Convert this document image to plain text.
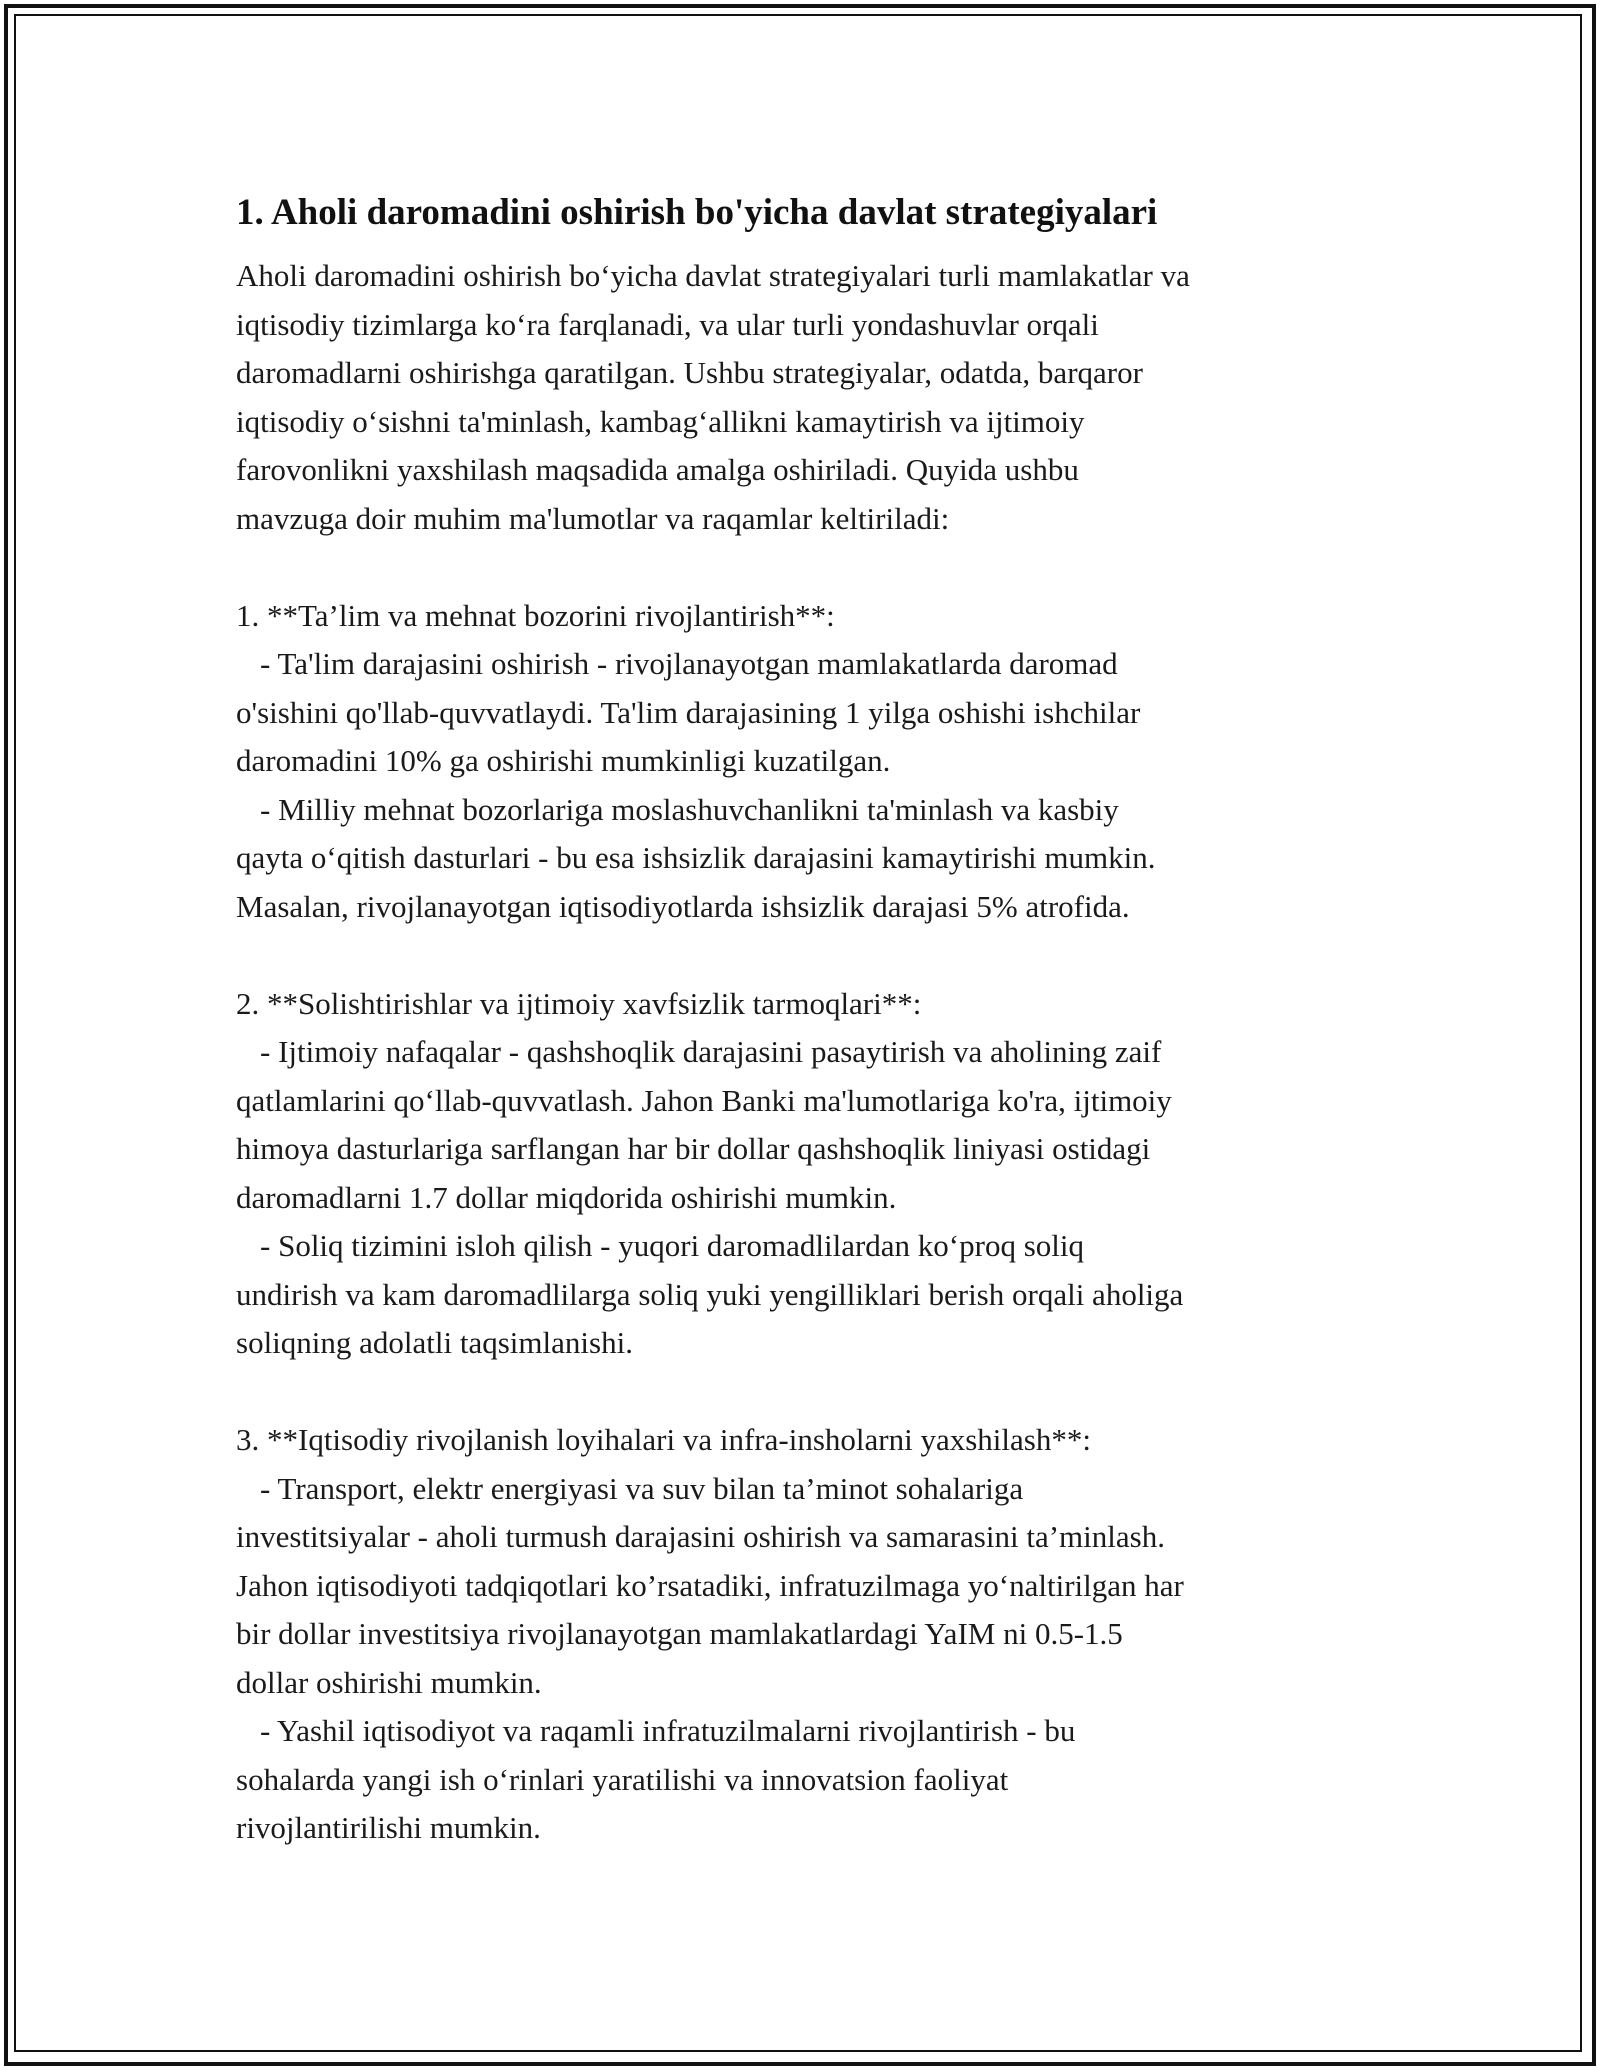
1. Aholi daromadini oshirish bo'yicha davlat strategiyalari
Aholi daromadini oshirish bo‘yicha davlat strategiyalari turli mamlakatlar va
iqtisodiy tizimlarga ko‘ra farqlanadi, va ular turli yondashuvlar orqali
daromadlarni oshirishga qaratilgan. Ushbu strategiyalar, odatda, barqaror
iqtisodiy o‘sishni ta'minlash, kambag‘allikni kamaytirish va ijtimoiy
farovonlikni yaxshilash maqsadida amalga oshiriladi. Quyida ushbu
mavzuga doir muhim ma'lumotlar va raqamlar keltiriladi:
1. **Ta’lim va mehnat bozorini rivojlantirish**:
- Ta'lim darajasini oshirish - rivojlanayotgan mamlakatlarda daromad
o'sishini qo'llab-quvvatlaydi. Ta'lim darajasining 1 yilga oshishi ishchilar
daromadini 10% ga oshirishi mumkinligi kuzatilgan.
- Milliy mehnat bozorlariga moslashuvchanlikni ta'minlash va kasbiy
qayta o‘qitish dasturlari - bu esa ishsizlik darajasini kamaytirishi mumkin.
Masalan, rivojlanayotgan iqtisodiyotlarda ishsizlik darajasi 5% atrofida.
2. **Solishtirishlar va ijtimoiy xavfsizlik tarmoqlari**:
- Ijtimoiy nafaqalar - qashshoqlik darajasini pasaytirish va aholining zaif
qatlamlarini qo‘llab-quvvatlash. Jahon Banki ma'lumotlariga ko'ra, ijtimoiy
himoya dasturlariga sarflangan har bir dollar qashshoqlik liniyasi ostidagi
daromadlarni 1.7 dollar miqdorida oshirishi mumkin.
- Soliq tizimini isloh qilish - yuqori daromadlilardan ko‘proq soliq
undirish va kam daromadlilarga soliq yuki yengilliklari berish orqali aholiga
soliqning adolatli taqsimlanishi.
3. **Iqtisodiy rivojlanish loyihalari va infra-insholarni yaxshilash**:
- Transport, elektr energiyasi va suv bilan ta’minot sohalariga
investitsiyalar - aholi turmush darajasini oshirish va samarasini ta’minlash.
Jahon iqtisodiyoti tadqiqotlari ko’rsatadiki, infratuzilmaga yo‘naltirilgan har
bir dollar investitsiya rivojlanayotgan mamlakatlardagi YaIM ni 0.5-1.5
dollar oshirishi mumkin.
- Yashil iqtisodiyot va raqamli infratuzilmalarni rivojlantirish - bu
sohalarda yangi ish o‘rinlari yaratilishi va innovatsion faoliyat
rivojlantirilishi mumkin.
